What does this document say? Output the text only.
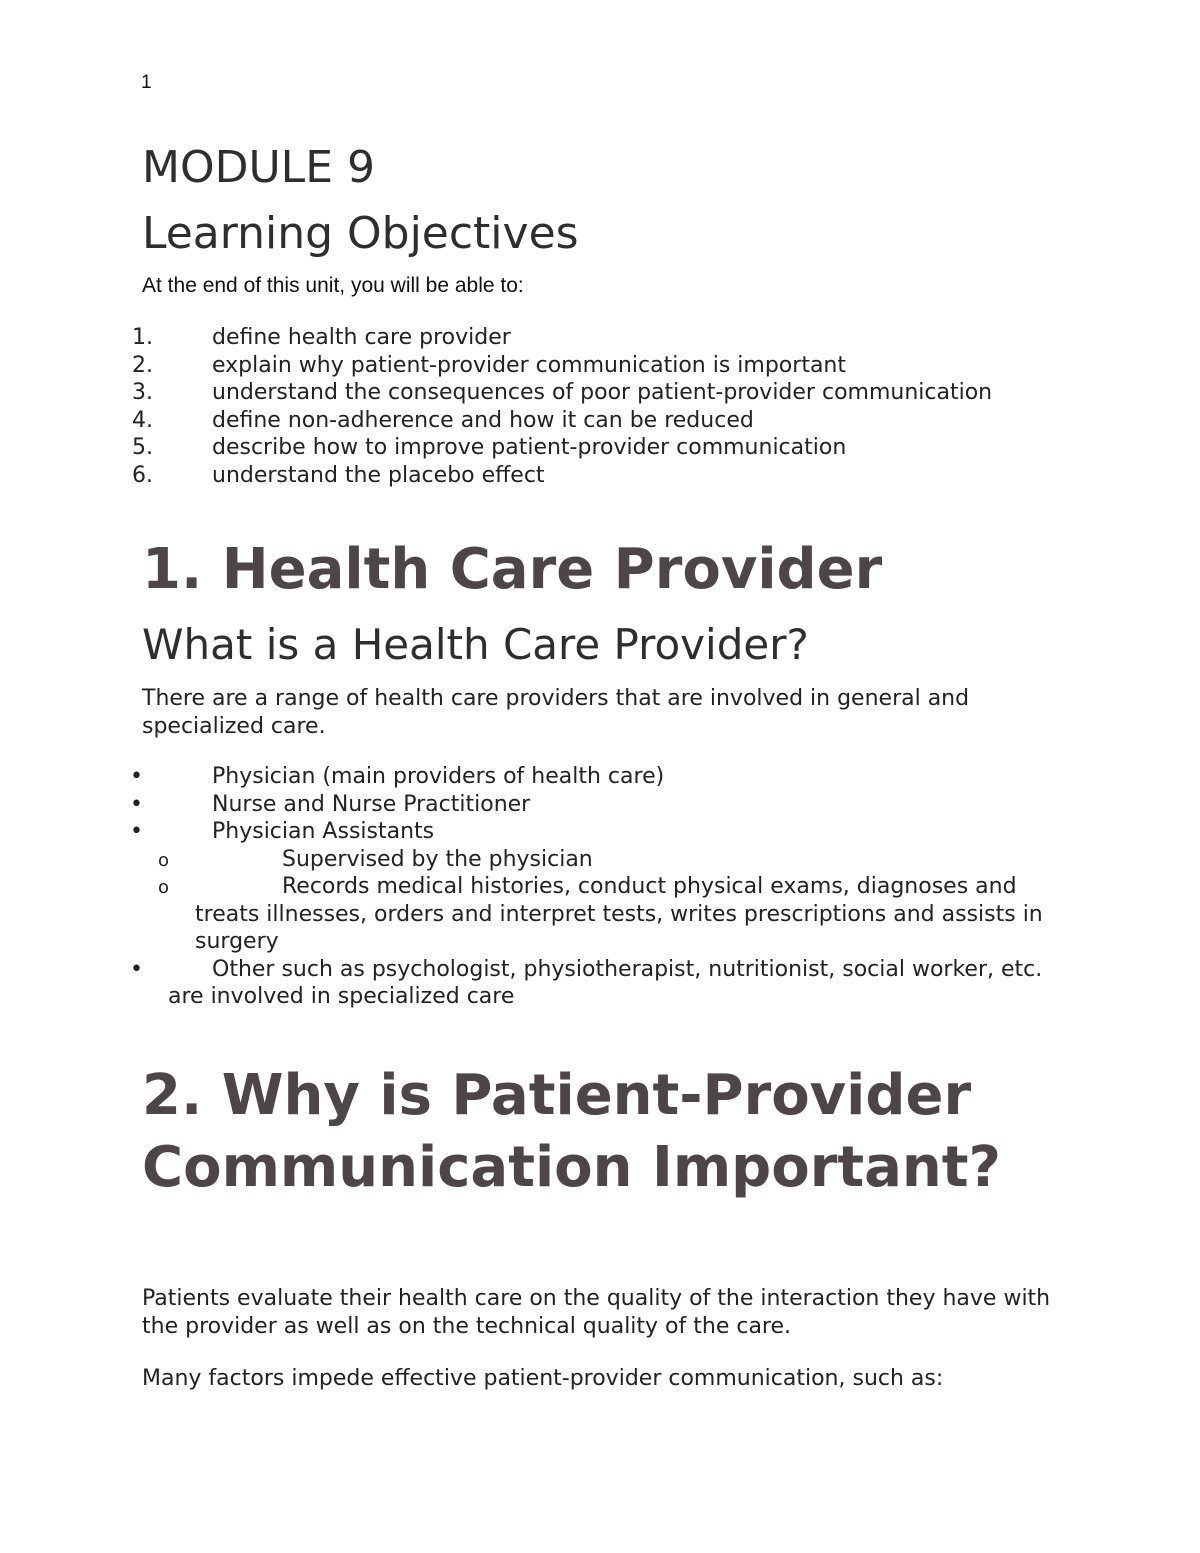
1
MODULE 9
Learning Objectives

At the end of this unit, you will be able to:

1.	define health care provider
2.	explain why patient-provider communication is important
3.	understand the consequences of poor patient-provider communication
4.	define non-adherence and how it can be reduced
5.	describe how to improve patient-provider communication
6.	understand the placebo effect
1. Health Care Provider
What is a Health Care Provider?

There are a range of health care providers that are involved in general and specialized care.

•	Physician (main providers of health care)
•	Nurse and Nurse Practitioner
•	Physician Assistants
o	Supervised by the physician
o	Records medical histories, conduct physical exams, diagnoses and treats illnesses, orders and interpret tests, writes prescriptions and assists in surgery
•	Other such as psychologist, physiotherapist, nutritionist, social worker, etc. are involved in specialized care
2. Why is Patient-Provider Communication Important?

Patients evaluate their health care on the quality of the interaction they have with the provider as well as on the technical quality of the care.

Many factors impede effective patient-provider communication, such as:
